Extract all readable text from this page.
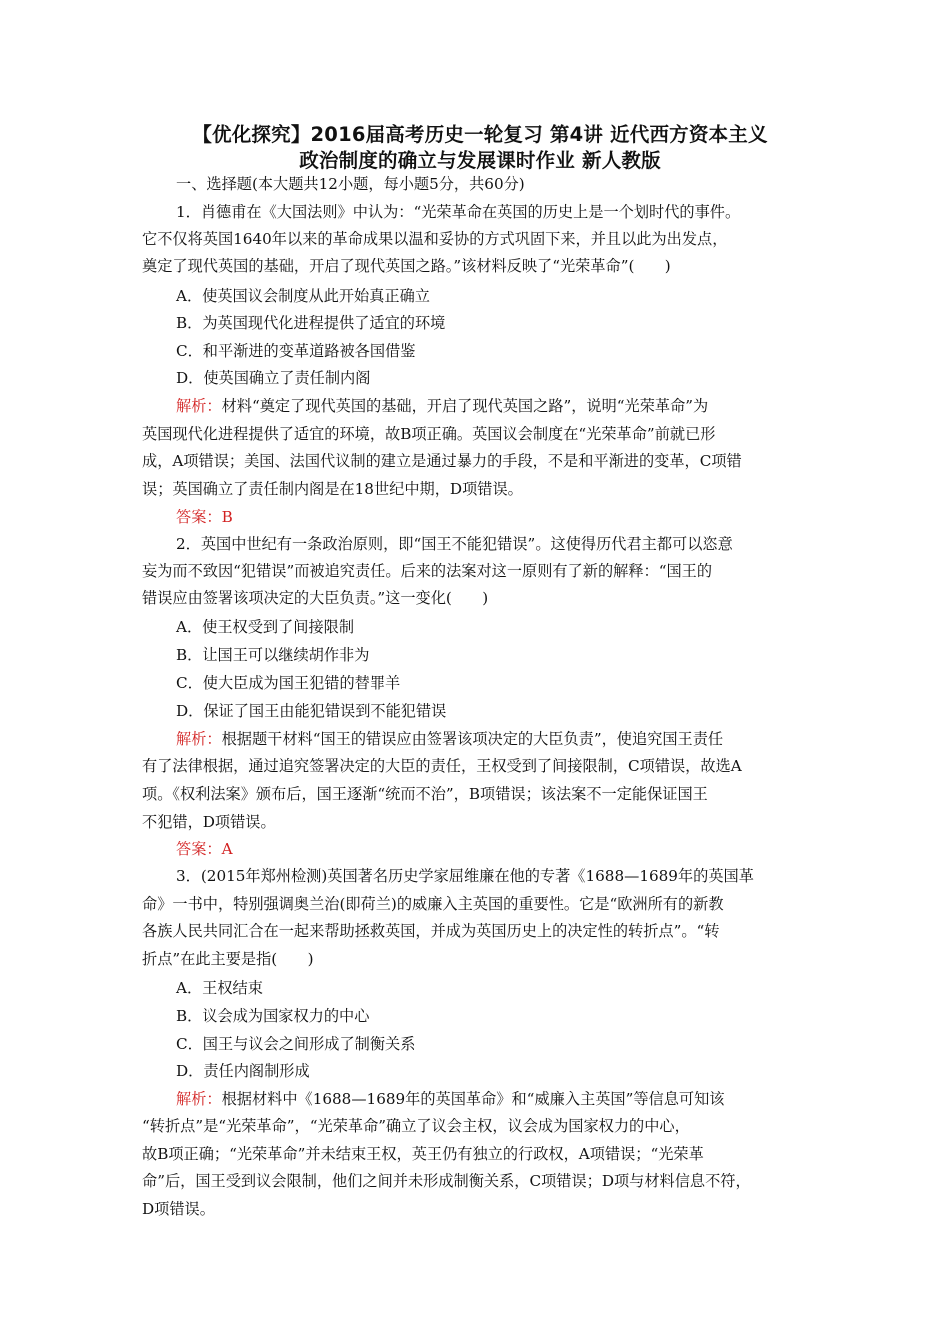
【优化探究】2016届高考历史一轮复习 第4讲 近代西方资本主义
政治制度的确立与发展课时作业 新人教版
一、选择题(本大题共12小题，每小题5分，共60分)
1．肖德甫在《大国法则》中认为：“光荣革命在英国的历史上是一个划时代的事件。
它不仅将英国1640年以来的革命成果以温和妥协的方式巩固下来，并且以此为出发点，
奠定了现代英国的基础，开启了现代英国之路。”该材料反映了“光荣革命”(　　)
A．使英国议会制度从此开始真正确立
B．为英国现代化进程提供了适宜的环境
C．和平渐进的变革道路被各国借鉴
D．使英国确立了责任制内阁
解析：材料“奠定了现代英国的基础，开启了现代英国之路”，说明“光荣革命”为
英国现代化进程提供了适宜的环境，故B项正确。英国议会制度在“光荣革命”前就已形
成，A项错误；美国、法国代议制的建立是通过暴力的手段，不是和平渐进的变革，C项错
误；英国确立了责任制内阁是在18世纪中期，D项错误。
答案：B
2．英国中世纪有一条政治原则，即“国王不能犯错误”。这使得历代君主都可以恣意
妄为而不致因“犯错误”而被追究责任。后来的法案对这一原则有了新的解释：“国王的
错误应由签署该项决定的大臣负责。”这一变化(　　)
A．使王权受到了间接限制
B．让国王可以继续胡作非为
C．使大臣成为国王犯错的替罪羊
D．保证了国王由能犯错误到不能犯错误
解析：根据题干材料“国王的错误应由签署该项决定的大臣负责”，使追究国王责任
有了法律根据，通过追究签署决定的大臣的责任，王权受到了间接限制，C项错误，故选A
项。《权利法案》颁布后，国王逐渐“统而不治”，B项错误；该法案不一定能保证国王
不犯错，D项错误。
答案：A
3．(2015年郑州检测)英国著名历史学家屈维廉在他的专著《1688—1689年的英国革
命》一书中，特别强调奥兰治(即荷兰)的威廉入主英国的重要性。它是“欧洲所有的新教
各族人民共同汇合在一起来帮助拯救英国，并成为英国历史上的决定性的转折点”。“转
折点”在此主要是指(　　)
A．王权结束
B．议会成为国家权力的中心
C．国王与议会之间形成了制衡关系
D．责任内阁制形成
解析：根据材料中《1688—1689年的英国革命》和“威廉入主英国”等信息可知该
“转折点”是“光荣革命”，“光荣革命”确立了议会主权，议会成为国家权力的中心，
故B项正确；“光荣革命”并未结束王权，英王仍有独立的行政权，A项错误；“光荣革
命”后，国王受到议会限制，他们之间并未形成制衡关系，C项错误；D项与材料信息不符，
D项错误。
